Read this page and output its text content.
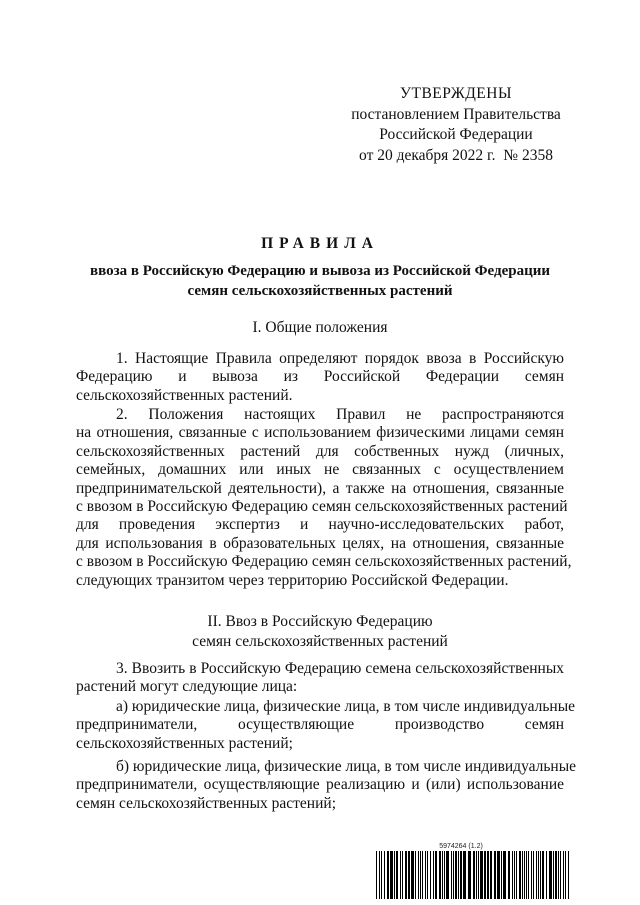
УТВЕРЖДЕНЫ
постановлением Правительства
Российской Федерации
от 20 декабря 2022 г.  № 2358
ПРАВИЛА
ввоза в Российскую Федерацию и вывоза из Российской Федерации
семян сельскохозяйственных растений
I. Общие положения
1. Настоящие Правила определяют порядок ввоза в Российскую
Федерацию и вывоза из Российской Федерации семян
сельскохозяйственных растений.
2. Положения настоящих Правил не распространяются
на отношения, связанные с использованием физическими лицами семян
сельскохозяйственных растений для собственных нужд (личных,
семейных, домашних или иных не связанных с осуществлением
предпринимательской деятельности), а также на отношения, связанные
с ввозом в Российскую Федерацию семян сельскохозяйственных растений
для проведения экспертиз и научно-исследовательских работ,
для использования в образовательных целях, на отношения, связанные
с ввозом в Российскую Федерацию семян сельскохозяйственных растений,
следующих транзитом через территорию Российской Федерации.
II. Ввоз в Российскую Федерацию
семян сельскохозяйственных растений
3. Ввозить в Российскую Федерацию семена сельскохозяйственных
растений могут следующие лица:
а) юридические лица, физические лица, в том числе индивидуальные
предприниматели, осуществляющие производство семян
сельскохозяйственных растений;
б) юридические лица, физические лица, в том числе индивидуальные
предприниматели, осуществляющие реализацию и (или) использование
семян сельскохозяйственных растений;
5974264 (1.2)
